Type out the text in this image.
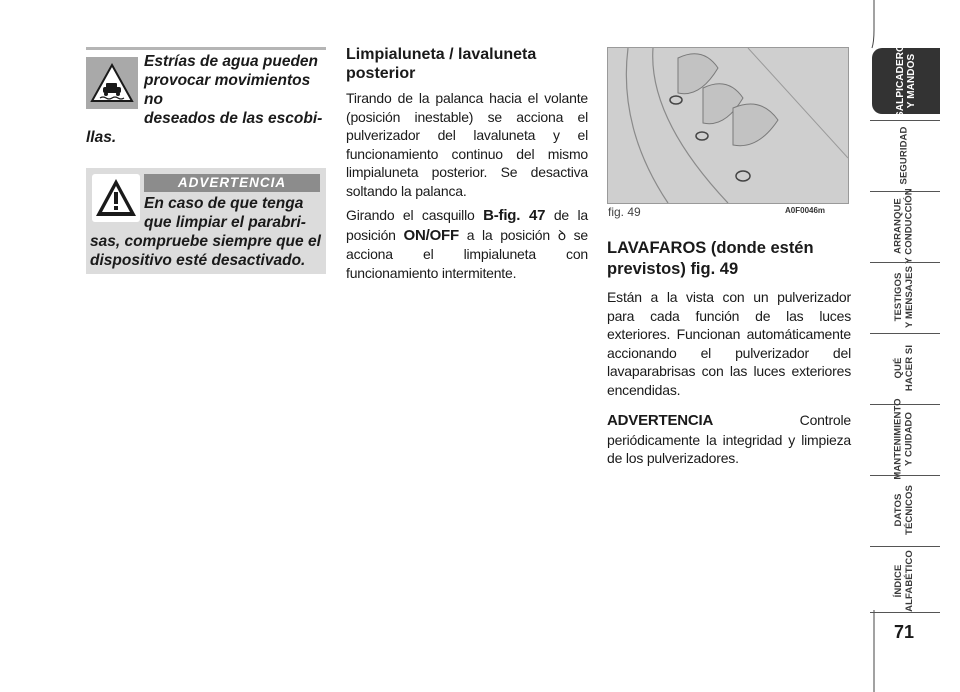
Estrías de agua pueden
provocar movimientos no
deseados de las escobi-
llas.
ADVERTENCIA
En caso de que tenga
que limpiar el parabri-
sas, compruebe siempre que el dispositivo esté desactivado.
Limpialuneta / lavaluneta
posterior

Tirando de la palanca hacia el volante (posición inestable) se acciona el pulverizador del lavaluneta y el funcionamiento continuo del mismo limpialuneta posterior. Se desactiva soltando la palanca.

Girando el casquillo B-fig. 47 de la posición ON/OFF a la posición ꝺ se acciona el limpialuneta con funcionamiento intermitente.

fig. 49	A0F0046m
LAVAFAROS (donde estén
previstos) fig. 49

Están a la vista con un pulverizador para cada función de las luces exteriores. Funcionan automáticamente accionando el pulverizador del lavaparabrisas con las luces exteriores encendidas.

ADVERTENCIA Controle periódicamente la integridad y limpieza de los pulverizadores.

SALPICADERO
Y MANDOS
SEGURIDAD
ARRANQUE
Y CONDUCCIÓN
TESTIGOS
Y MENSAJES
QUÉ
HACER SI
MANTENIMIENTO
Y CUIDADO
DATOS
TÉCNICOS
ÍNDICE
ALFABÉTICO
71
